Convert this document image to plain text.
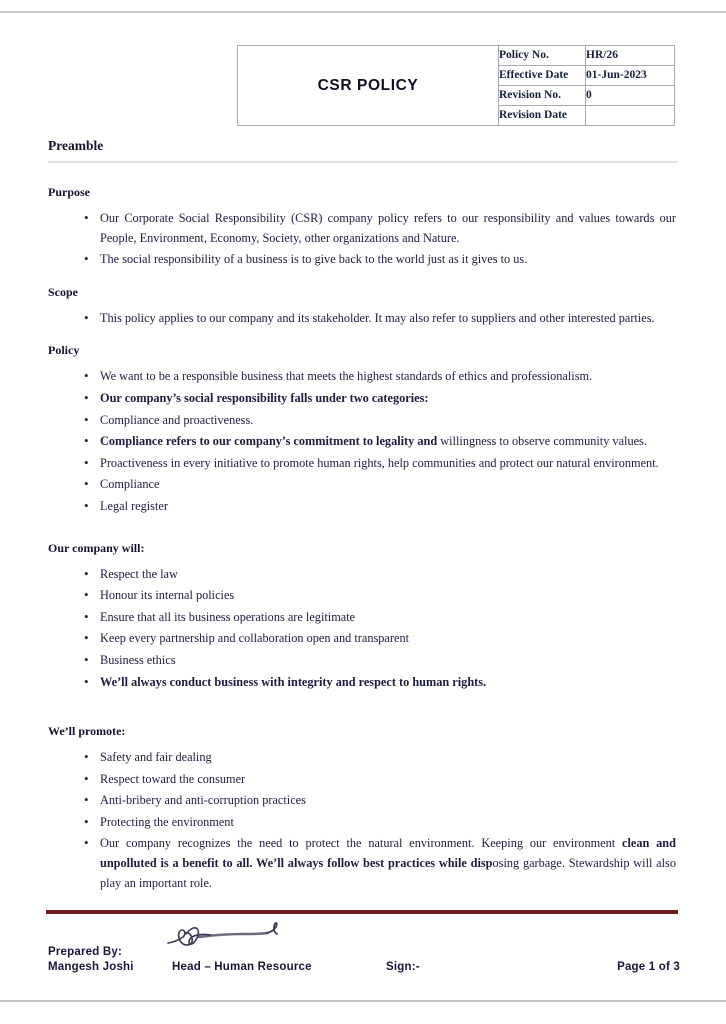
CSR POLICY	Policy No.	HR/26
	Effective Date	01-Jun-2023
	Revision No.	0
	Revision Date	
Preamble
Purpose
• Our Corporate Social Responsibility (CSR) company policy refers to our responsibility and values towards our People, Environment, Economy, Society, other organizations and Nature.
• The social responsibility of a business is to give back to the world just as it gives to us.
Scope
• This policy applies to our company and its stakeholder. It may also refer to suppliers and other interested parties.
Policy
• We want to be a responsible business that meets the highest standards of ethics and professionalism.
• Our company’s social responsibility falls under two categories:
• Compliance and proactiveness.
• Compliance refers to our company’s commitment to legality and willingness to observe community values.
• Proactiveness in every initiative to promote human rights, help communities and protect our natural environment.
• Compliance
• Legal register
Our company will:
• Respect the law
• Honour its internal policies
• Ensure that all its business operations are legitimate
• Keep every partnership and collaboration open and transparent
• Business ethics
• We’ll always conduct business with integrity and respect to human rights.
We’ll promote:
• Safety and fair dealing
• Respect toward the consumer
• Anti-bribery and anti-corruption practices
• Protecting the environment
• Our company recognizes the need to protect the natural environment. Keeping our environment clean and unpolluted is a benefit to all. We’ll always follow best practices while disposing garbage. Stewardship will also play an important role.
Prepared By:
Mangesh Joshi	Head – Human Resource	Sign:-	Page 1 of 3
